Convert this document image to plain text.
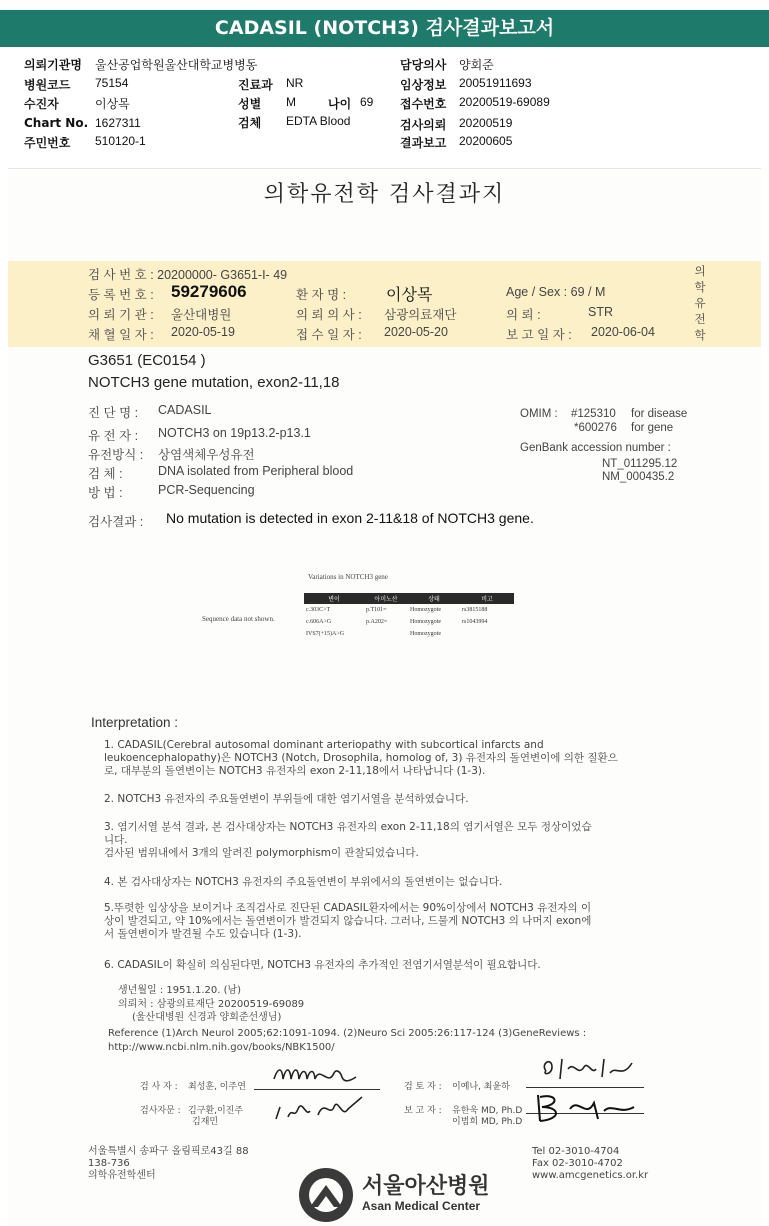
CADASIL (NOTCH3) 검사결과보고서
의뢰기관명 울산공업학원울산대학교병병동
병원코드 75154
수진자	이상목
Chart No. 1627311
주민번호 510120-1
진료과 NR
성별 M	나이 69
검체 EDTA Blood
담당의사 양회준
임상정보 20051911693
접수번호 20200519-69089
검사의뢰 20200519
결과보고 20200605
의학유전학 검사결과지
검 사 번 호 : 20200000- G3651-I- 49
등 록 번 호 : 59279606	환 자 명 : 이상목	Age / Sex : 69 / M
의 뢰 기 관 : 울산대병원	의 뢰 의 사 : 삼광의료재단	의 뢰 :	STR
채 혈 일 자 : 2020-05-19	접 수 일 자 : 2020-05-20	보 고 일 자 : 2020-06-04
의
학
유
전
학
G3651 (EC0154 )
NOTCH3 gene mutation, exon2-11,18
진 단 명 : CADASIL
유 전 자 : NOTCH3 on 19p13.2-p13.1
유전방식 : 상염색체우성유전
검 체 :	DNA isolated from Peripheral blood
방 법 :	PCR-Sequencing
OMIM : #125310 for disease
*600276 for gene
GenBank accession number :
NT_011295.12
NM_000435.2
검사결과 : No mutation is detected in exon 2-11&18 of NOTCH3 gene.
Variations in NOTCH3 gene
Sequence data not shown.
변이	아미노산	상태	비고
c.303C>T	p.T101=	Homozygote	rs3815188
c.606A>G	p.A202=	Homozygote	rs1043994
IVS7(+15)A>G		Homozygote	
Interpretation :
1. CADASIL(Cerebral autosomal dominant arteriopathy with subcortical infarcts and
leukoencephalopathy)은 NOTCH3 (Notch, Drosophila, homolog of, 3) 유전자의 돌연변이에 의한 질환으
로, 대부분의 돌연변이는 NOTCH3 유전자의 exon 2-11,18에서 나타납니다 (1-3).
2. NOTCH3 유전자의 주요돌연변이 부위들에 대한 염기서열을 분석하였습니다.
3. 염기서열 분석 결과, 본 검사대상자는 NOTCH3 유전자의 exon 2-11,18의 염기서열은 모두 정상이었습
니다.
검사된 범위내에서 3개의 알려진 polymorphism이 관찰되었습니다.
4. 본 검사대상자는 NOTCH3 유전자의 주요돌연변이 부위에서의 돌연변이는 없습니다.
5.뚜렷한 임상상을 보이거나 조직검사로 진단된 CADASIL환자에서는 90%이상에서 NOTCH3 유전자의 이
상이 발견되고, 약 10%에서는 돌연변이가 발견되지 않습니다. 그러나, 드물게 NOTCH3 의 나머지 exon에
서 돌연변이가 발견될 수도 있습니다 (1-3).
6. CADASIL이 확실히 의심된다면, NOTCH3 유전자의 추가적인 전염기서열분석이 필요합니다.
생년월일 : 1951.1.20. (남)
의뢰처 : 삼광의료재단 20200519-69089
(울산대병원 신경과 양회준선생님)
Reference (1)Arch Neurol 2005;62:1091-1094. (2)Neuro Sci 2005:26:117-124 (3)GeneReviews :
http://www.ncbi.nlm.nih.gov/books/NBK1500/
검 사 자 : 최성훈, 이주연
검사자문 : 김구환,이진주
김재민
검 토 자 : 이예나, 최윤하
보 고 자 : 유한욱 MD, Ph.D
이범희 MD, Ph.D
서울특별시 송파구 올림픽로43길 88
138-736
의학유전학센터	서울아산병원
Asan Medical Center
Tel 02-3010-4704
Fax 02-3010-4702
www.amcgenetics.or.kr
